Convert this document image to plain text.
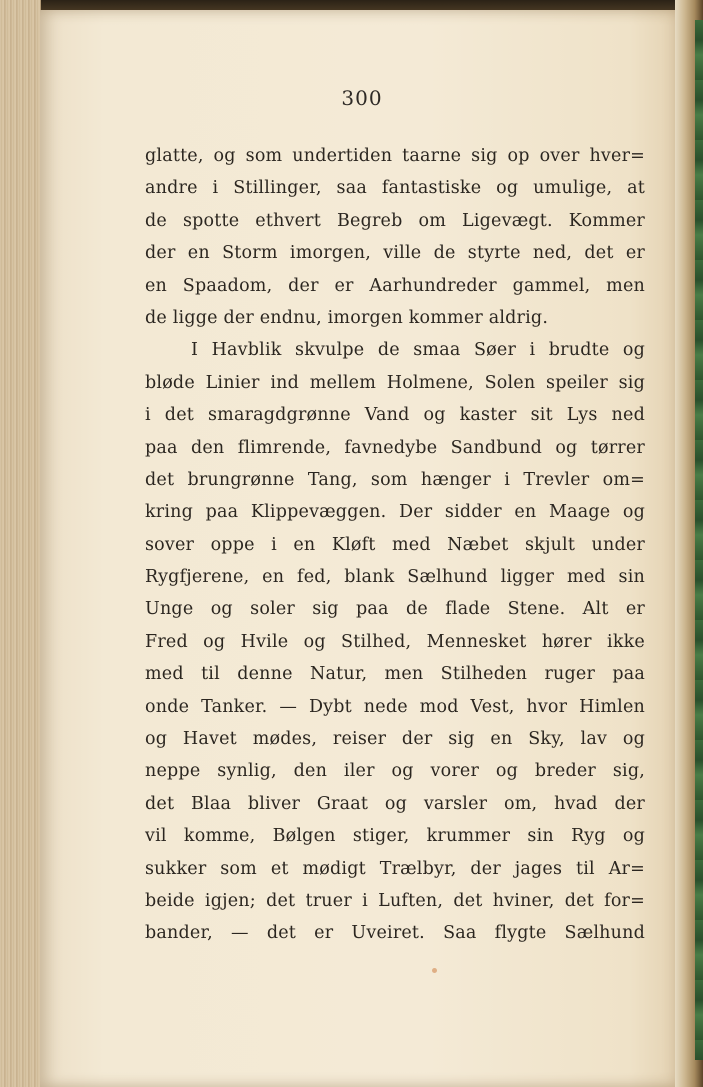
300
glatte, og som undertiden taarne sig op over hver=
andre i Stillinger, saa fantastiske og umulige, at
de spotte ethvert Begreb om Ligevægt. Kommer
der en Storm imorgen, ville de styrte ned, det er
en Spaadom, der er Aarhundreder gammel, men
de ligge der endnu, imorgen kommer aldrig.
I Havblik skvulpe de smaa Søer i brudte og
bløde Linier ind mellem Holmene, Solen speiler sig
i det smaragdgrønne Vand og kaster sit Lys ned
paa den flimrende, favnedybe Sandbund og tørrer
det brungrønne Tang, som hænger i Trevler om=
kring paa Klippevæggen. Der sidder en Maage og
sover oppe i en Kløft med Næbet skjult under
Rygfjerene, en fed, blank Sælhund ligger med sin
Unge og soler sig paa de flade Stene. Alt er
Fred og Hvile og Stilhed, Mennesket hører ikke
med til denne Natur, men Stilheden ruger paa
onde Tanker. — Dybt nede mod Vest, hvor Himlen
og Havet mødes, reiser der sig en Sky, lav og
neppe synlig, den iler og vorer og breder sig,
det Blaa bliver Graat og varsler om, hvad der
vil komme, Bølgen stiger, krummer sin Ryg og
sukker som et mødigt Trælbyr, der jages til Ar=
beide igjen; det truer i Luften, det hviner, det for=
bander, — det er Uveiret. Saa flygte Sælhund
